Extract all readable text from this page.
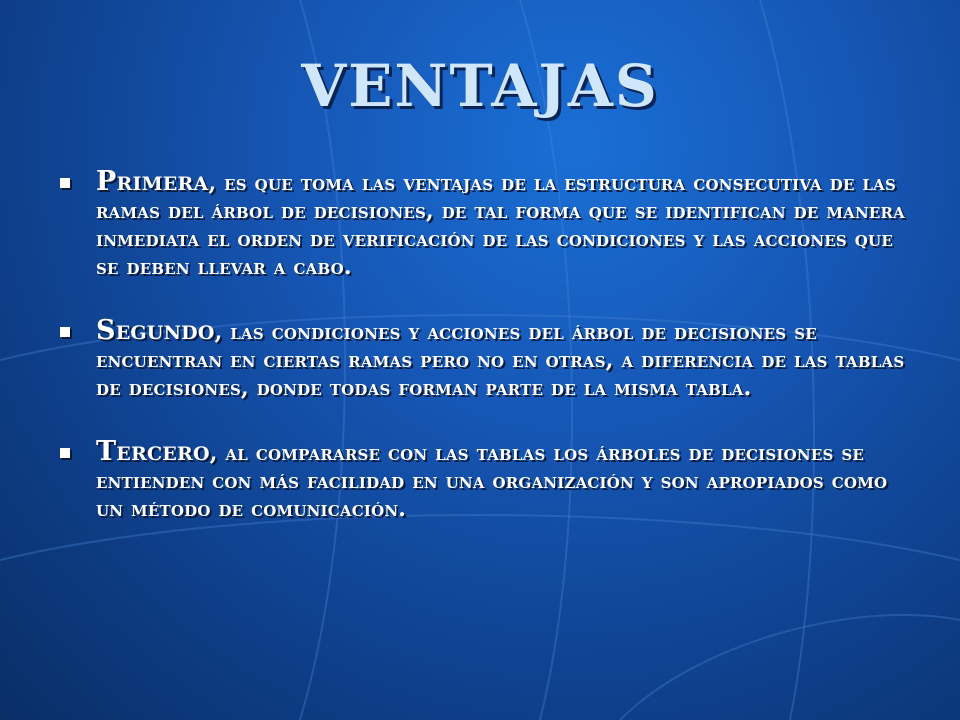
VENTAJAS
Primera, es que toma las ventajas de la estructura consecutiva de las ramas del árbol de decisiones, de tal forma que se identifican de manera inmediata el orden de verificación de las condiciones y las acciones que se deben llevar a cabo.
Segundo, las condiciones y acciones del árbol de decisiones se encuentran en ciertas ramas pero no en otras, a diferencia de las tablas de decisiones, donde todas forman parte de la misma tabla.
Tercero, al compararse con las tablas los árboles de decisiones se entienden con más facilidad en una organización y son apropiados como un método de comunicación.
